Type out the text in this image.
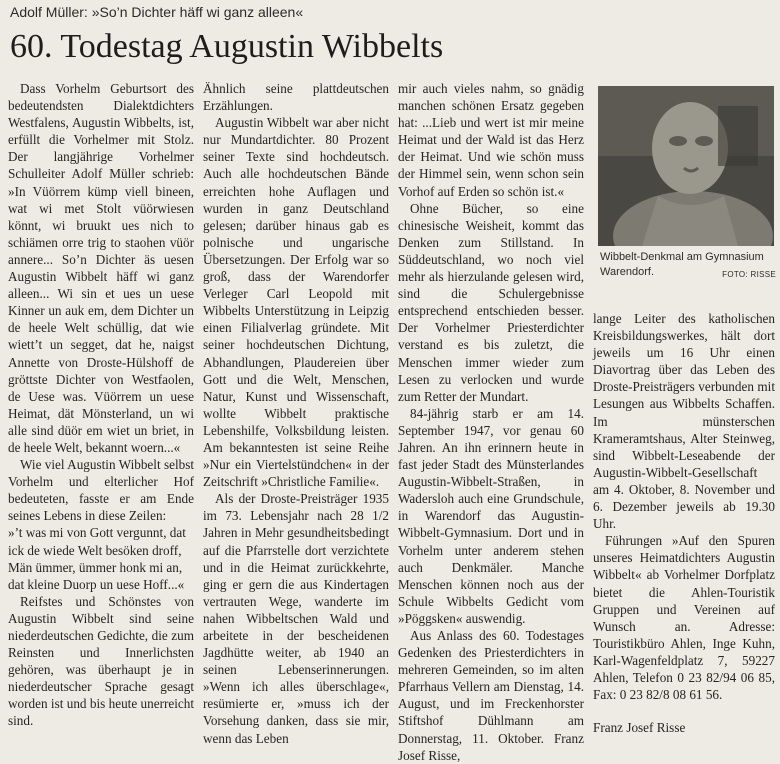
Adolf Müller: »So’n Dichter häff wi ganz alleen«
60. Todestag Augustin Wibbelts

Dass Vorhelm Geburtsort des bedeutendsten Dialektdichters Westfalens, Augustin Wibbelts, ist, erfüllt die Vorhelmer mit Stolz. Der langjährige Vorhelmer Schulleiter Adolf Müller schrieb: »In Vüörrem kümp viell bineen, wat wi met Stolt vüörwiesen könnt, wi bruukt ues nich to schiämen orre trig to staohen vüör annere... So’n Dichter äs uesen Augustin Wibbelt häff wi ganz alleen... Wi sin et ues un uese Kinner un auk em, dem Dichter un de heele Welt schüllig, dat wie wiett’t un segget, dat he, naigst Annette von Droste-Hülshoff de gröttste Dichter von Westfaolen, de Uese was. Vüörrem un uese Heimat, dät Mönsterland, un wi alle sind düör em wiet un briet, in de heele Welt, bekannt woern...«

Wie viel Augustin Wibbelt selbst Vorhelm und elterlicher Hof bedeuteten, fasste er am Ende seines Lebens in diese Zeilen:

»’t was mi von Gott vergunnt, dat ick de wiede Welt besöken droff,

Män ümmer, ümmer honk mi an, dat kleine Duorp un uese Hoff...«

Reifstes und Schönstes von Augustin Wibbelt sind seine niederdeutschen Gedichte, die zum Reinsten und Innerlichsten gehören, was überhaupt je in niederdeutscher Sprache gesagt worden ist und bis heute unerreicht sind.

Ähnlich seine plattdeutschen Erzählungen.

Augustin Wibbelt war aber nicht nur Mundartdichter. 80 Prozent seiner Texte sind hochdeutsch. Auch alle hochdeutschen Bände erreichten hohe Auflagen und wurden in ganz Deutschland gelesen; darüber hinaus gab es polnische und ungarische Übersetzungen. Der Erfolg war so groß, dass der Warendorfer Verleger Carl Leopold mit Wibbelts Unterstützung in Leipzig einen Filialverlag gründete. Mit seiner hochdeutschen Dichtung, Abhandlungen, Plaudereien über Gott und die Welt, Menschen, Natur, Kunst und Wissenschaft, wollte Wibbelt praktische Lebenshilfe, Volksbildung leisten. Am bekanntesten ist seine Reihe »Nur ein Viertelstündchen« in der Zeitschrift »Christliche Familie«.

Als der Droste-Preisträger 1935 im 73. Lebensjahr nach 28 1/2 Jahren in Mehr gesundheitsbedingt auf die Pfarrstelle dort verzichtete und in die Heimat zurückkehrte, ging er gern die aus Kindertagen vertrauten Wege, wanderte im nahen Wibbeltschen Wald und arbeitete in der bescheidenen Jagdhütte weiter, ab 1940 an seinen Lebenserinnerungen. »Wenn ich alles überschlage«, resümierte er, »muss ich der Vorsehung danken, dass sie mir, wenn das Leben

mir auch vieles nahm, so gnädig manchen schönen Ersatz gegeben hat: ...Lieb und wert ist mir meine Heimat und der Wald ist das Herz der Heimat. Und wie schön muss der Himmel sein, wenn schon sein Vorhof auf Erden so schön ist.«

Ohne Bücher, so eine chinesische Weisheit, kommt das Denken zum Stillstand. In Süddeutschland, wo noch viel mehr als hierzulande gelesen wird, sind die Schulergebnisse entsprechend entschieden besser. Der Vorhelmer Priesterdichter verstand es bis zuletzt, die Menschen immer wieder zum Lesen zu verlocken und wurde zum Retter der Mundart.

84-jährig starb er am 14. September 1947, vor genau 60 Jahren. An ihn erinnern heute in fast jeder Stadt des Münsterlandes Augustin-Wibbelt-Straßen, in Wadersloh auch eine Grundschule, in Warendorf das Augustin-Wibbelt-Gymnasium. Dort und in Vorhelm unter anderem stehen auch Denkmäler. Manche Menschen können noch aus der Schule Wibbelts Gedicht vom »Pöggsken« auswendig.

Aus Anlass des 60. Todestages Gedenken des Priesterdichters in mehreren Gemeinden, so im alten Pfarrhaus Vellern am Dienstag, 14. August, und im Freckenhorster Stiftshof Dühlmann am Donnerstag, 11. Oktober. Franz Josef Risse,

Wibbelt-Denkmal am Gymnasium Warendorf.	FOTO: RISSE

lange Leiter des katholischen Kreisbildungswerkes, hält dort jeweils um 16 Uhr einen Diavortrag über das Leben des Droste-Preisträgers verbunden mit Lesungen aus Wibbelts Schaffen. Im münsterschen Krameramtshaus, Alter Steinweg, sind Wibbelt-Leseabende der Augustin-Wibbelt-Gesellschaft am 4. Oktober, 8. November und 6. Dezember jeweils ab 19.30 Uhr.

Führungen »Auf den Spuren unseres Heimatdichters Augustin Wibbelt« ab Vorhelmer Dorfplatz bietet die Ahlen-Touristik Gruppen und Vereinen auf Wunsch an. Adresse: Touristikbüro Ahlen, Inge Kuhn, Karl-Wagenfeldplatz 7, 59227 Ahlen, Telefon 0 23 82/94 06 85, Fax: 0 23 82/8 08 61 56.

Franz Josef Risse
